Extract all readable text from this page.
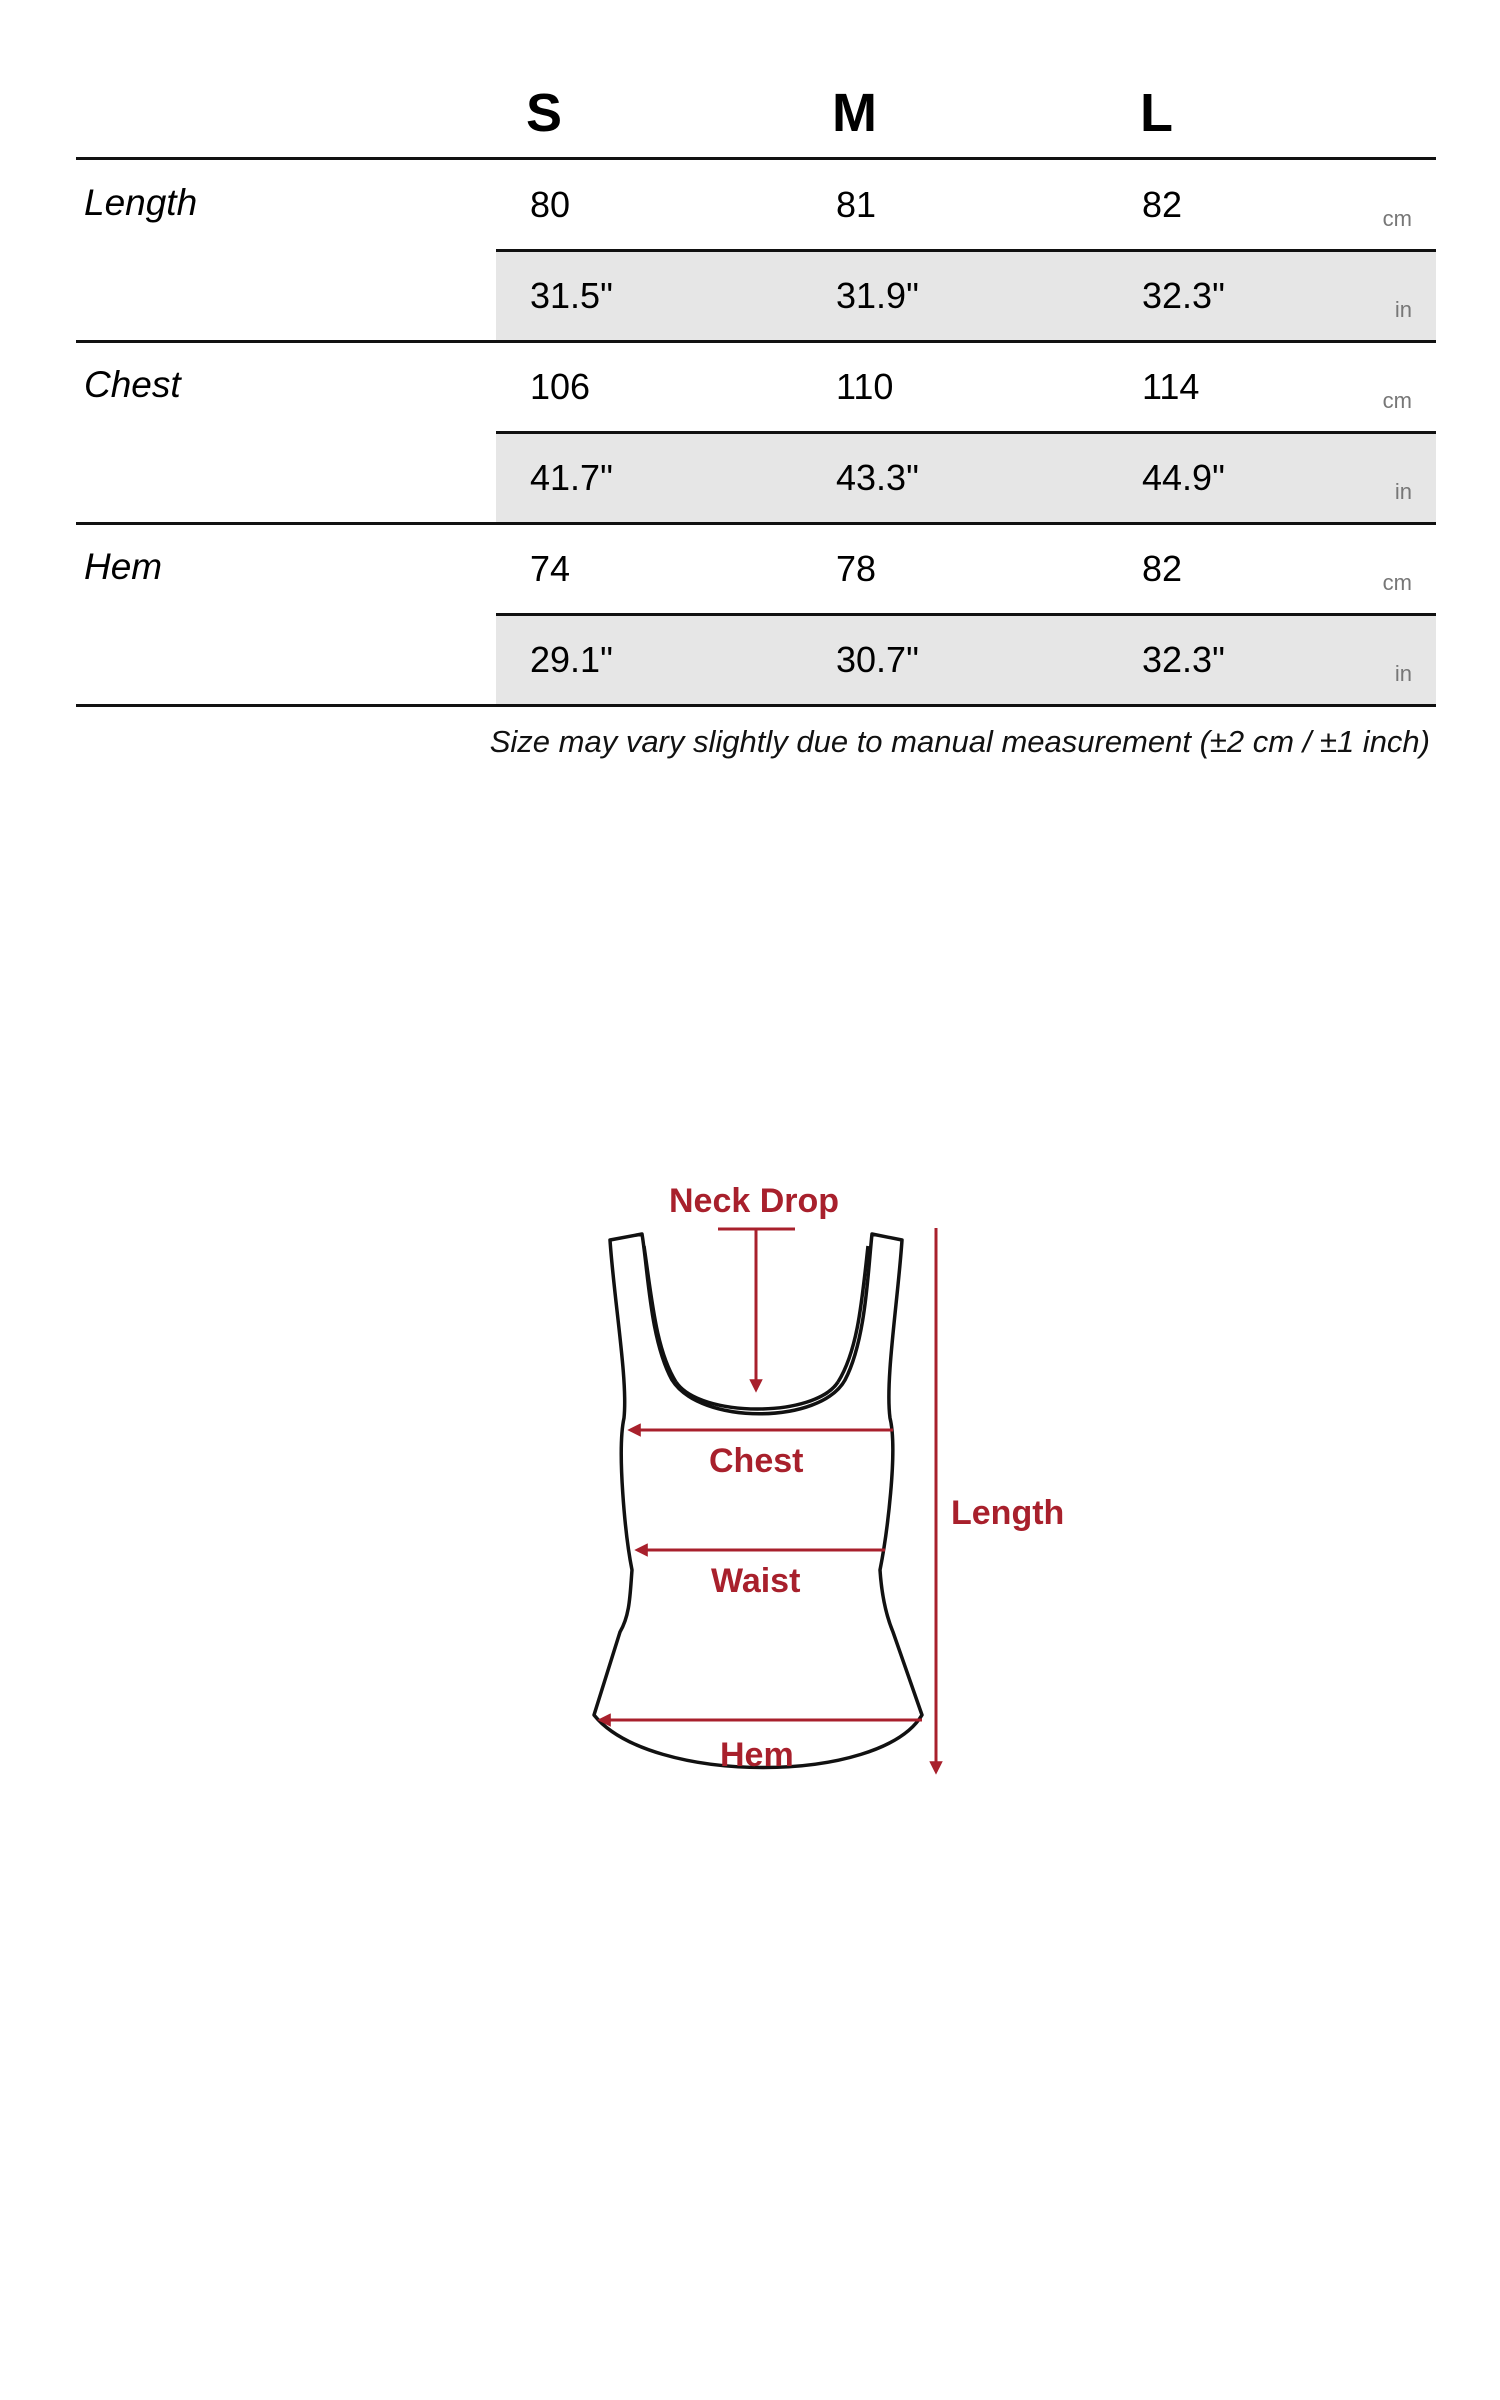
S	M	L
Length	80	81	82	cm
31.5"	31.9"	32.3"	in
Chest	106	110	114	cm
41.7"	43.3"	44.9"	in
Hem	74	78	82	cm
29.1"	30.7"	32.3"	in
Size may vary slightly due to manual measurement (±2 cm / ±1 inch)
Neck Drop
Chest
Waist
Hem
Length
